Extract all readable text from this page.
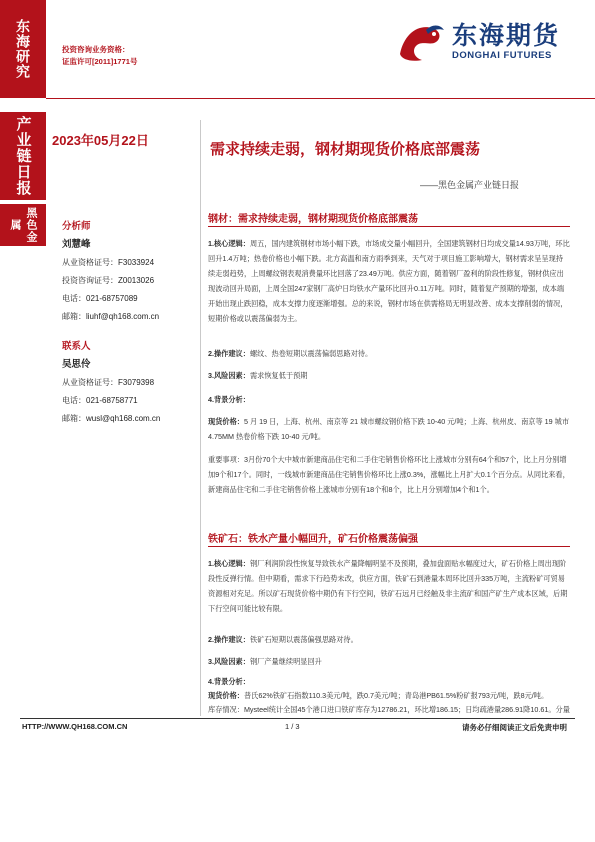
东海研究
产业链日报
黑色金属
投资咨询业务资格：
证监许可[2011]1771号
东海期货
DONGHAI FUTURES
2023年05月22日
需求持续走弱，钢材期现货价格底部震荡
——黑色金属产业链日报
分析师
刘慧峰
从业资格证号：F3033924
投资咨询证号：Z0013026
电话：021-68757089
邮箱：liuhf@qh168.com.cn
联系人
吴思伶
从业资格证号：F3079398
电话：021-68758771
邮箱：wusl@qh168.com.cn
钢材：需求持续走弱，钢材期现货价格底部震荡

1.核心逻辑：周五，国内建筑钢材市场小幅下跌，市场成交量小幅回升，全国建筑钢材日均成交量14.93万吨，环比回升1.4万吨；热卷价格也小幅下跌。北方高温和南方雨季到来，天气对于项目施工影响增大，钢材需求呈呈现持续走弱趋势，上周螺纹钢表观消费量环比回落了23.49万吨。供应方面，随着钢厂盈利的阶段性修复，钢材供应出现波动回升局面，上周全国247家钢厂高炉日均铁水产量环比回升0.11万吨。同时，随着复产预期的增强，成本端开始出现止跌回稳，成本支撑力度逐渐增强。总的来说，钢材市场在供需格局无明显改善、成本支撑削弱的情况，短期价格或以震荡偏弱为主。

2.操作建议：螺纹、热卷短期以震荡偏弱思路对待。

3.风险因素：需求恢复低于预期

4.背景分析：

现货价格：5 月 19 日，上海、杭州、南京等 21 城市螺纹钢价格下跌 10-40 元/吨；上海、杭州皮、南京等 19 城市 4.75MM 热卷价格下跌 10-40 元/吨。

重要事项：3月份70个大中城市新建商品住宅和二手住宅销售价格环比上涨城市分别有64个和57个，比上月分别增加9个和17个。同时，一线城市新建商品住宅销售价格环比上涨0.3%，涨幅比上月扩大0.1个百分点。从同比来看，新建商品住宅和二手住宅销售价格上涨城市分别有18个和8个，比上月分别增加4个和1个。

铁矿石：铁水产量小幅回升，矿石价格震荡偏强

1.核心逻辑：钢厂利润阶段性恢复导致铁水产量降幅明显不及预期，叠加盘面贴水幅度过大，矿石价格上周出现阶段性反弹行情。但中期看，需求下行趋势未改，供应方面，铁矿石到港量本周环比回升335万吨，主流粉矿可贸易资源相对充足。所以矿石现货价格中期仍有下行空间，铁矿石远月已经触及非主流矿和国产矿生产成本区域，后期下行空间可能比较有限。

2.操作建议：铁矿石短期以震荡偏强思路对待。

3.风险因素：钢厂产量继续明显回升

4.背景分析：

现货价格：普氏62%铁矿石指数110.3美元/吨，跌0.7美元/吨；青岛港PB61.5%粉矿报793元/吨，跌8元/吨。

库存情况：Mysteel统计全国45个港口进口铁矿库存为12786.21，环比增186.15；日均疏港量286.91降10.61。分量

HTTP://WWW.QH168.COM.CN	1 / 3	请务必仔细阅读正文后免责申明
